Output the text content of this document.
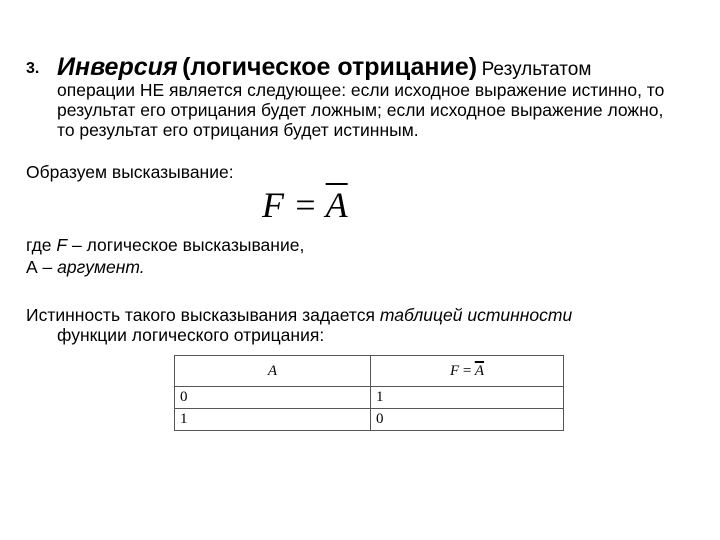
3. Инверсия (логическое отрицание) Результатом
операции НЕ является следующее: если исходное выражение истинно, то результат его отрицания будет ложным; если исходное выражение ложно, то результат его отрицания будет истинным.
Образуем высказывание:
$F = \overline{A}$
где F – логическое высказывание,
A – аргумент.
Истинность такого высказывания задается таблицей истинности
функции логического отрицания:
A	$F = \overline{A}$
0	1
1	0
